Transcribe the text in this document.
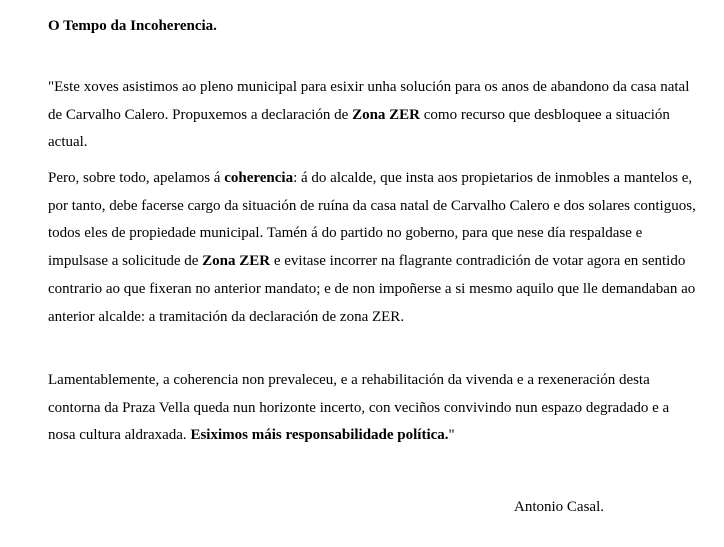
O Tempo da Incoherencia.

"Este xoves asistimos ao pleno municipal para esixir unha solución para os anos de abandono da casa natal de Carvalho Calero. Propuxemos a declaración de Zona ZER como recurso que desbloquee a situación actual.

Pero, sobre todo, apelamos á coherencia: á do alcalde, que insta aos propietarios de inmobles a mantelos e, por tanto, debe facerse cargo da situación de ruína da casa natal de Carvalho Calero e dos solares contiguos, todos eles de propiedade municipal. Tamén á do partido no goberno, para que nese día respaldase e impulsase a solicitude de Zona ZER e evitase incorrer na flagrante contradición de votar agora en sentido contrario ao que fixeran no anterior mandato; e de non impoñerse a si mesmo aquilo que lle demandaban ao anterior alcalde: a tramitación da declaración de zona ZER.

Lamentablemente, a coherencia non prevaleceu, e a rehabilitación da vivenda e a rexeneración desta contorna da Praza Vella queda nun horizonte incerto, con veciños convivindo nun espazo degradado e a nosa cultura aldraxada. Esiximos máis responsabilidade política."

Antonio Casal.
